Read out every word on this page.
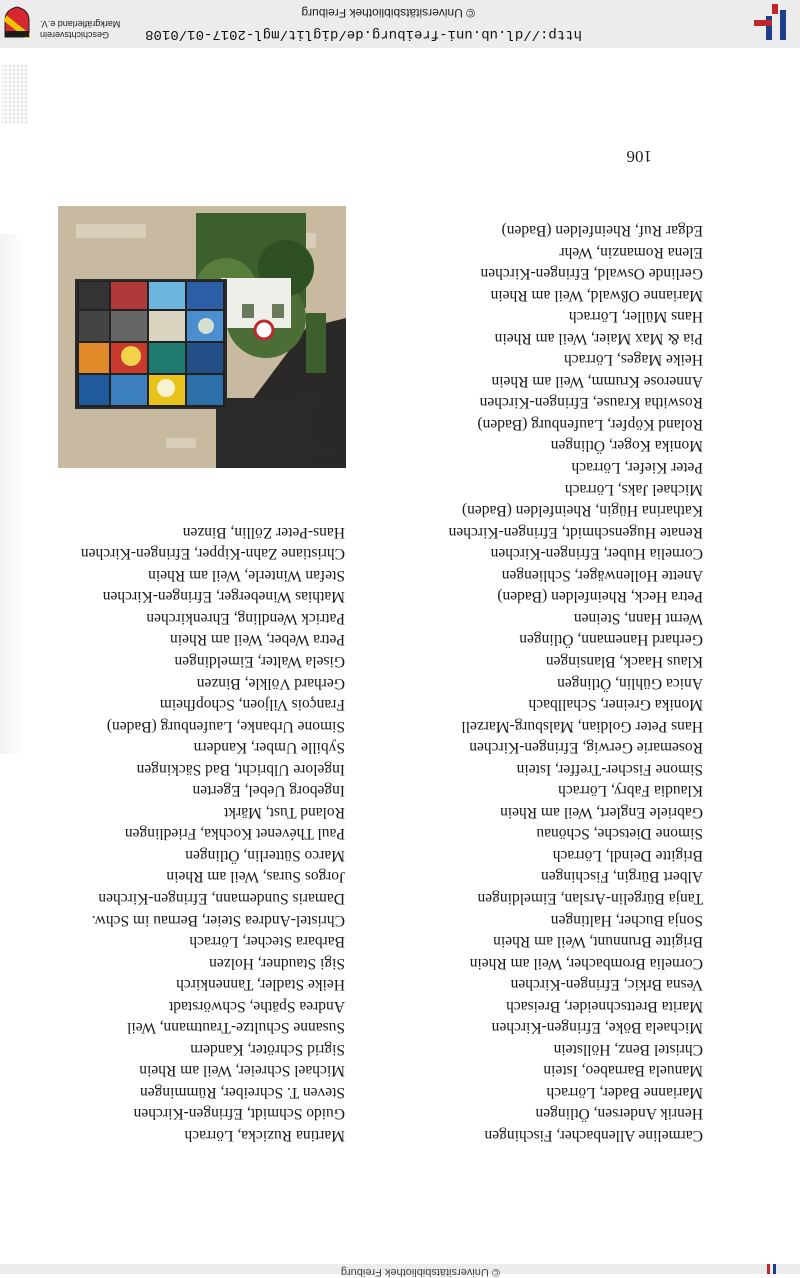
© Universitätsbibliothek Freiburg
Carmeline Allenbacher, Fischingen
Henrik Andersen, Ötlingen
Marianne Bader, Lörrach
Manuela Barnabeo, Istein
Christel Benz, Höllstein
Michaela Böke, Efringen-Kirchen
Marita Brettschneider, Breisach
Vesna Brkic, Efringen-Kirchen
Cornelia Brombacher, Weil am Rhein
Brigitte Brunnunt, Weil am Rhein
Sonja Bucher, Haltingen
Tanja Bürgelin-Arslan, Eimeldingen
Albert Bürgin, Fischingen
Brigitte Deindl, Lörrach
Simone Dietsche, Schönau
Gabriele Englert, Weil am Rhein
Klaudia Fabry, Lörrach
Simone Fischer-Treffer, Istein
Rosemarie Gerwig, Efringen-Kirchen
Hans Peter Goldian, Malsburg-Marzell
Monika Greiner, Schallbach
Anica Gühlin, Ötlingen
Klaus Haack, Blansingen
Gerhard Hanemann, Ötlingen
Wernt Hann, Steinen
Petra Heck, Rheinfelden (Baden)
Anette Hollenwäger, Schliengen
Cornelia Huber, Efringen-Kirchen
Renate Hugenschmidt, Efringen-Kirchen
Katharina Hügin, Rheinfelden (Baden)
Michael Jaks, Lörrach
Peter Kiefer, Lörrach
Monika Koger, Ötlingen
Roland Köpfer, Laufenburg (Baden)
Roswitha Krause, Efringen-Kirchen
Annerose Krumm, Weil am Rhein
Heike Mages, Lörrach
Pia & Max Maier, Weil am Rhein
Hans Müller, Lörrach
Marianne Oßwald, Weil am Rhein
Gerlinde Oswald, Efringen-Kirchen
Elena Romanzin, Wehr
Edgar Ruf, Rheinfelden (Baden)
Martina Ruzicka, Lörrach
Guido Schmidt, Efringen-Kirchen
Steven T. Schreiber, Rümmingen
Michael Schreier, Weil am Rhein
Sigrid Schröter, Kandern
Susanne Schultze-Trautmann, Weil
Andrea Späthe, Schwörstadt
Heike Stadler, Tannenkirch
Sigi Staudner, Holzen
Barbara Stecher, Lörrach
Christel-Andrea Steier, Bernau im Schw.
Damaris Sundemann, Efringen-Kirchen
Jorgos Suras, Weil am Rhein
Marco Sütterlin, Ötlingen
Paul Thévenet Kochka, Friedlingen
Roland Tust, Märkt
Ingeborg Uebel, Egerten
Ingelore Ulbricht, Bad Säckingen
Sybille Umber, Kandern
Simone Urbanke, Laufenburg (Baden)
François Viljoen, Schopfheim
Gerhard Völkle, Binzen
Gisela Walter, Eimeldingen
Petra Weber, Weil am Rhein
Patrick Wendling, Ehrenkirchen
Mathias Wineberger, Efringen-Kirchen
Stefan Winterle, Weil am Rhein
Christiane Zahn-Kipper, Efringen-Kirchen
Hans-Peter Zöllin, Binzen
106
http://dl.ub.uni-freiburg.de/diglit/mgl-2017-01/0108
© Universitätsbibliothek Freiburg
Geschichtsverein
Markgräflerland e.V.
